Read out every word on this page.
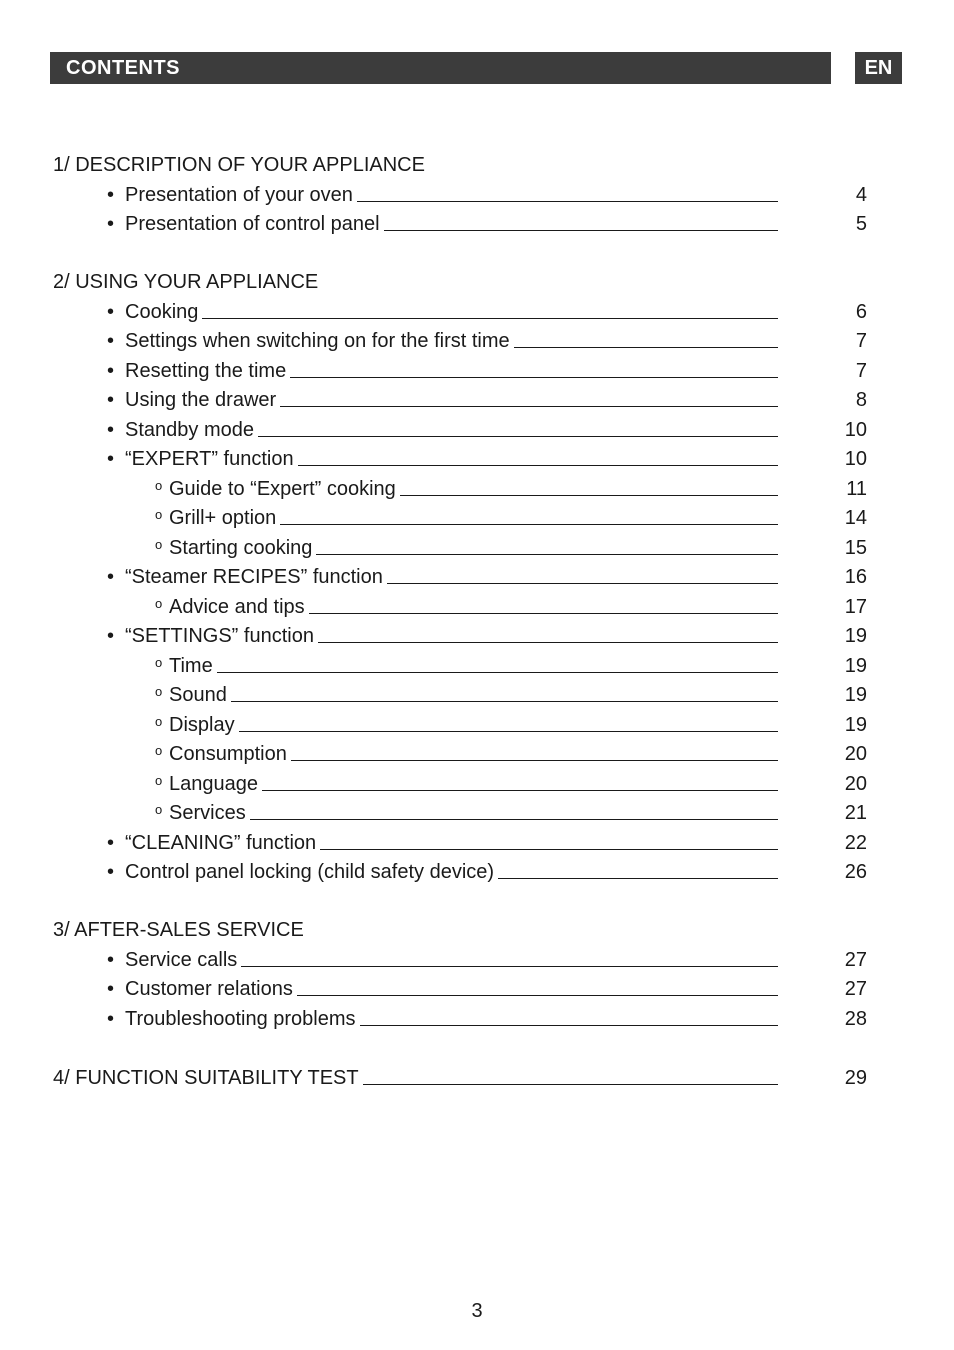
CONTENTS	EN
1/ DESCRIPTION OF YOUR APPLIANCE
• Presentation of your oven	4
• Presentation of control panel	5
2/ USING YOUR APPLIANCE
• Cooking	6
• Settings when switching on for the first time	7
• Resetting the time	7
• Using the drawer	8
• Standby mode	10
• “EXPERT” function	10
o Guide to “Expert” cooking	11
o Grill+ option	14
o Starting cooking	15
• “Steamer RECIPES” function	16
o Advice and tips	17
• “SETTINGS” function	19
o Time	19
o Sound	19
o Display	19
o Consumption	20
o Language	20
o Services	21
• “CLEANING” function	22
• Control panel locking (child safety device)	26
3/ AFTER-SALES SERVICE
• Service calls	27
• Customer relations	27
• Troubleshooting problems	28
4/ FUNCTION SUITABILITY TEST	29
3
